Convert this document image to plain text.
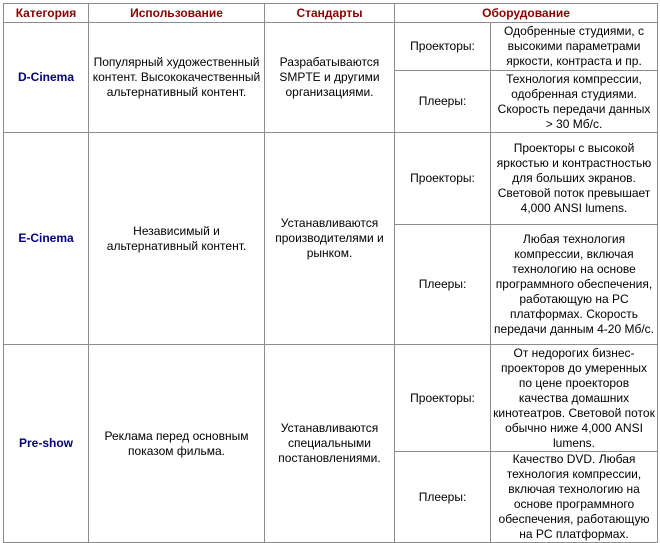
Категория	Использование	Стандарты	Оборудование	
D-Cinema	Популярный художественный контент. Высококачественный альтернативный контент.	Разрабатываются SMPTE и другими организациями.	Проекторы:	Одобренные студиями, с высокими параметрами яркости, контраста и пр.
			Плееры:	Технология компрессии, одобренная студиями. Скорость передачи данных > 30 Мб/с.
E-Cinema	Независимый и альтернативный контент.	Устанавливаются производителями и рынком.	Проекторы:	Проекторы с высокой яркостью и контрастностью для больших экранов. Световой поток превышает 4,000 ANSI lumens.
			Плееры:	Любая технология компрессии, включая технологию на основе программного обеспечения, работающую на PC платформах. Скорость передачи данным 4-20 Мб/с.
Pre-show	Реклама перед основным показом фильма.	Устанавливаются специальными постановлениями.	Проекторы:	От недорогих бизнес-проекторов до умеренных по цене проекторов качества домашних кинотеатров. Световой поток обычно ниже 4,000 ANSI lumens.
			Плееры:	Качество DVD. Любая технология компрессии, включая технологию на основе программного обеспечения, работающую на PC платформах.
